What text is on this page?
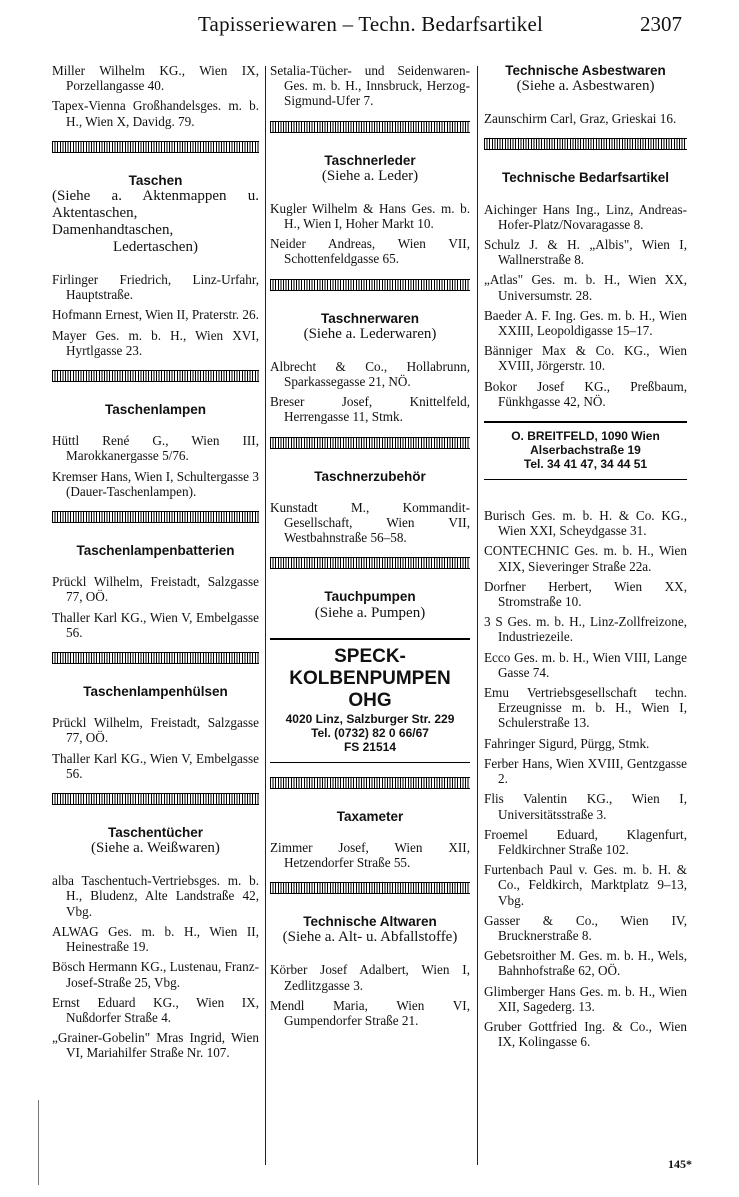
Tapisseriewaren – Techn. Bedarfsartikel	2307
Miller Wilhelm KG., Wien IX, Porzellangasse 40.
Tapex-Vienna Großhandelsges. m. b. H., Wien X, Davidg. 79.
Taschen
(Siehe a. Aktenmappen u. Aktentaschen, Damenhandtaschen, Ledertaschen)
Firlinger Friedrich, Linz-Urfahr, Hauptstraße.
Hofmann Ernest, Wien II, Praterstr. 26.
Mayer Ges. m. b. H., Wien XVI, Hyrtlgasse 23.
Taschenlampen
Hüttl René G., Wien III, Marokkanergasse 5/76.
Kremser Hans, Wien I, Schultergasse 3 (Dauer-Taschenlampen).
Taschenlampenbatterien
Prückl Wilhelm, Freistadt, Salzgasse 77, OÖ.
Thaller Karl KG., Wien V, Embelgasse 56.
Taschenlampenhülsen
Prückl Wilhelm, Freistadt, Salzgasse 77, OÖ.
Thaller Karl KG., Wien V, Embelgasse 56.
Taschentücher
(Siehe a. Weißwaren)
alba Taschentuch-Vertriebsges. m. b. H., Bludenz, Alte Landstraße 42, Vbg.
ALWAG Ges. m. b. H., Wien II, Heinestraße 19.
Bösch Hermann KG., Lustenau, Franz-Josef-Straße 25, Vbg.
Ernst Eduard KG., Wien IX, Nußdorfer Straße 4.
„Grainer-Gobelin" Mras Ingrid, Wien VI, Mariahilfer Straße Nr. 107.
Setalia-Tücher- und Seidenwaren-Ges. m. b. H., Innsbruck, Herzog-Sigmund-Ufer 7.
Taschnerleder
(Siehe a. Leder)
Kugler Wilhelm & Hans Ges. m. b. H., Wien I, Hoher Markt 10.
Neider Andreas, Wien VII, Schottenfeldgasse 65.
Taschnerwaren
(Siehe a. Lederwaren)
Albrecht & Co., Hollabrunn, Sparkassegasse 21, NÖ.
Breser Josef, Knittelfeld, Herrengasse 11, Stmk.
Taschnerzubehör
Kunstadt M., Kommandit-Gesellschaft, Wien VII, Westbahnstraße 56–58.
Tauchpumpen
(Siehe a. Pumpen)
SPECK-
KOLBENPUMPEN OHG
4020 Linz, Salzburger Str. 229
Tel. (0732) 82 0 66/67
FS 21514
Taxameter
Zimmer Josef, Wien XII, Hetzendorfer Straße 55.
Technische Altwaren
(Siehe a. Alt- u. Abfallstoffe)
Körber Josef Adalbert, Wien I, Zedlitzgasse 3.
Mendl Maria, Wien VI, Gumpendorfer Straße 21.
Technische Asbestwaren
(Siehe a. Asbestwaren)
Zaunschirm Carl, Graz, Grieskai 16.
Technische Bedarfsartikel
Aichinger Hans Ing., Linz, Andreas-Hofer-Platz/Novaragasse 8.
Schulz J. & H. „Albis", Wien I, Wallnerstraße 8.
„Atlas" Ges. m. b. H., Wien XX, Universumstr. 28.
Baeder A. F. Ing. Ges. m. b. H., Wien XXIII, Leopoldigasse 15–17.
Bänniger Max & Co. KG., Wien XVIII, Jörgerstr. 10.
Bokor Josef KG., Preßbaum, Fünkhgasse 42, NÖ.
O. BREITFELD, 1090 Wien
Alserbachstraße 19
Tel. 34 41 47, 34 44 51
Burisch Ges. m. b. H. & Co. KG., Wien XXI, Scheydgasse 31.
CONTECHNIC Ges. m. b. H., Wien XIX, Sieveringer Straße 22a.
Dorfner Herbert, Wien XX, Stromstraße 10.
3 S Ges. m. b. H., Linz-Zollfreizone, Industriezeile.
Ecco Ges. m. b. H., Wien VIII, Lange Gasse 74.
Emu Vertriebsgesellschaft techn. Erzeugnisse m. b. H., Wien I, Schulerstraße 13.
Fahringer Sigurd, Pürgg, Stmk.
Ferber Hans, Wien XVIII, Gentzgasse 2.
Flis Valentin KG., Wien I, Universitätsstraße 3.
Froemel Eduard, Klagenfurt, Feldkirchner Straße 102.
Furtenbach Paul v. Ges. m. b. H. & Co., Feldkirch, Marktplatz 9–13, Vbg.
Gasser & Co., Wien IV, Brucknerstraße 8.
Gebetsroither M. Ges. m. b. H., Wels, Bahnhofstraße 62, OÖ.
Glimberger Hans Ges. m. b. H., Wien XII, Sagederg. 13.
Gruber Gottfried Ing. & Co., Wien IX, Kolingasse 6.
145*
